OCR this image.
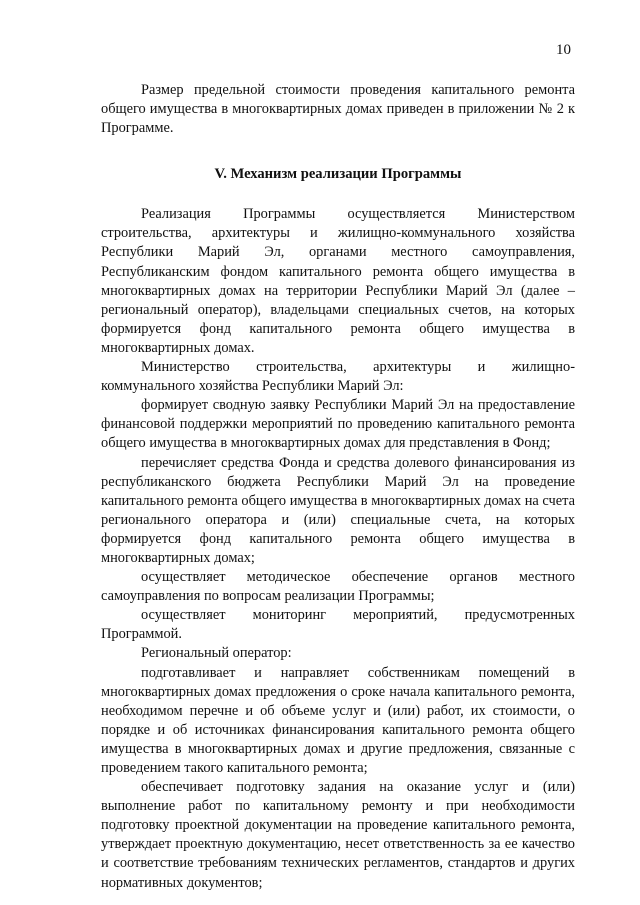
10

Размер предельной стоимости проведения капитального ремонта общего имущества в многоквартирных домах приведен в приложении № 2 к Программе.

V. Механизм реализации Программы

Реализация Программы осуществляется Министерством строительства, архитектуры и жилищно-коммунального хозяйства Республики Марий Эл, органами местного самоуправления, Республиканским фондом капитального ремонта общего имущества в многоквартирных домах на территории Республики Марий Эл (далее – региональный оператор), владельцами специальных счетов, на которых формируется фонд капитального ремонта общего имущества в многоквартирных домах.

Министерство строительства, архитектуры и жилищно-коммунального хозяйства Республики Марий Эл:

формирует сводную заявку Республики Марий Эл на предоставление финансовой поддержки мероприятий по проведению капитального ремонта общего имущества в многоквартирных домах для представления в Фонд;

перечисляет средства Фонда и средства долевого финансирования из республиканского бюджета Республики Марий Эл на проведение капитального ремонта общего имущества в многоквартирных домах на счета регионального оператора и (или) специальные счета, на которых формируется фонд капитального ремонта общего имущества в многоквартирных домах;

осуществляет методическое обеспечение органов местного самоуправления по вопросам реализации Программы;

осуществляет мониторинг мероприятий, предусмотренных Программой.

Региональный оператор:

подготавливает и направляет собственникам помещений в многоквартирных домах предложения о сроке начала капитального ремонта, необходимом перечне и об объеме услуг и (или) работ, их стоимости, о порядке и об источниках финансирования капитального ремонта общего имущества в многоквартирных домах и другие предложения, связанные с проведением такого капитального ремонта;

обеспечивает подготовку задания на оказание услуг и (или) выполнение работ по капитальному ремонту и при необходимости подготовку проектной документации на проведение капитального ремонта, утверждает проектную документацию, несет ответственность за ее качество и соответствие требованиям технических регламентов, стандартов и других нормативных документов;
